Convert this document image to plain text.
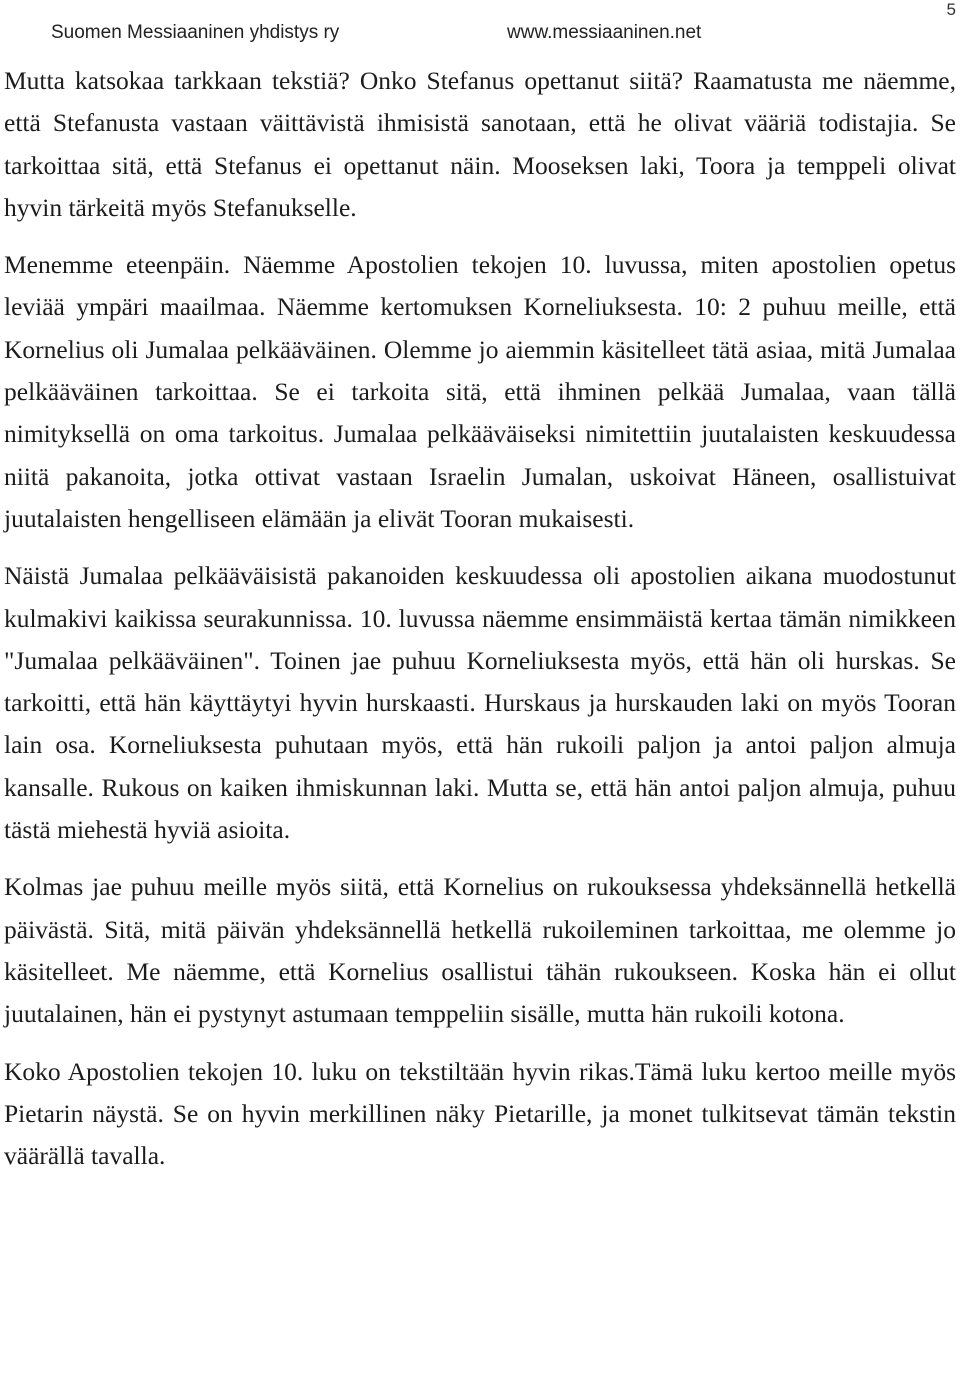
Suomen Messiaaninen yhdistys ry	www.messiaaninen.net
5

Mutta katsokaa tarkkaan tekstiä? Onko Stefanus opettanut siitä? Raamatusta me näemme, että Stefanusta vastaan väittävistä ihmisistä sanotaan, että he olivat vääriä todistajia. Se tarkoittaa sitä, että Stefanus ei opettanut näin. Mooseksen laki, Toora ja temppeli olivat hyvin tärkeitä myös Stefanukselle.

Menemme eteenpäin. Näemme Apostolien tekojen 10. luvussa, miten apostolien opetus leviää ympäri maailmaa. Näemme kertomuksen Korneliuksesta. 10: 2 puhuu meille, että Kornelius oli Jumalaa pelkääväinen. Olemme jo aiemmin käsitelleet tätä asiaa, mitä Jumalaa pelkääväinen tarkoittaa. Se ei tarkoita sitä, että ihminen pelkää Jumalaa, vaan tällä nimityksellä on oma tarkoitus. Jumalaa pelkääväiseksi nimitettiin juutalaisten keskuudessa niitä pakanoita, jotka ottivat vastaan Israelin Jumalan, uskoivat Häneen, osallistuivat juutalaisten hengelliseen elämään ja elivät Tooran mukaisesti.

Näistä Jumalaa pelkääväisistä pakanoiden keskuudessa oli apostolien aikana muodostunut kulmakivi kaikissa seurakunnissa. 10. luvussa näemme ensimmäistä kertaa tämän nimikkeen "Jumalaa pelkääväinen". Toinen jae puhuu Korneliuksesta myös, että hän oli hurskas. Se tarkoitti, että hän käyttäytyi hyvin hurskaasti. Hurskaus ja hurskauden laki on myös Tooran lain osa. Korneliuksesta puhutaan myös, että hän rukoili paljon ja antoi paljon almuja kansalle. Rukous on kaiken ihmiskunnan laki. Mutta se, että hän antoi paljon almuja, puhuu tästä miehestä hyviä asioita.

Kolmas jae puhuu meille myös siitä, että Kornelius on rukouksessa yhdeksännellä hetkellä päivästä. Sitä, mitä päivän yhdeksännellä hetkellä rukoileminen tarkoittaa, me olemme jo käsitelleet. Me näemme, että Kornelius osallistui tähän rukoukseen. Koska hän ei ollut juutalainen, hän ei pystynyt astumaan temppeliin sisälle, mutta hän rukoili kotona.

Koko Apostolien tekojen 10. luku on tekstiltään hyvin rikas.Tämä luku kertoo meille myös Pietarin näystä. Se on hyvin merkillinen näky Pietarille, ja monet tulkitsevat tämän tekstin väärällä tavalla.
